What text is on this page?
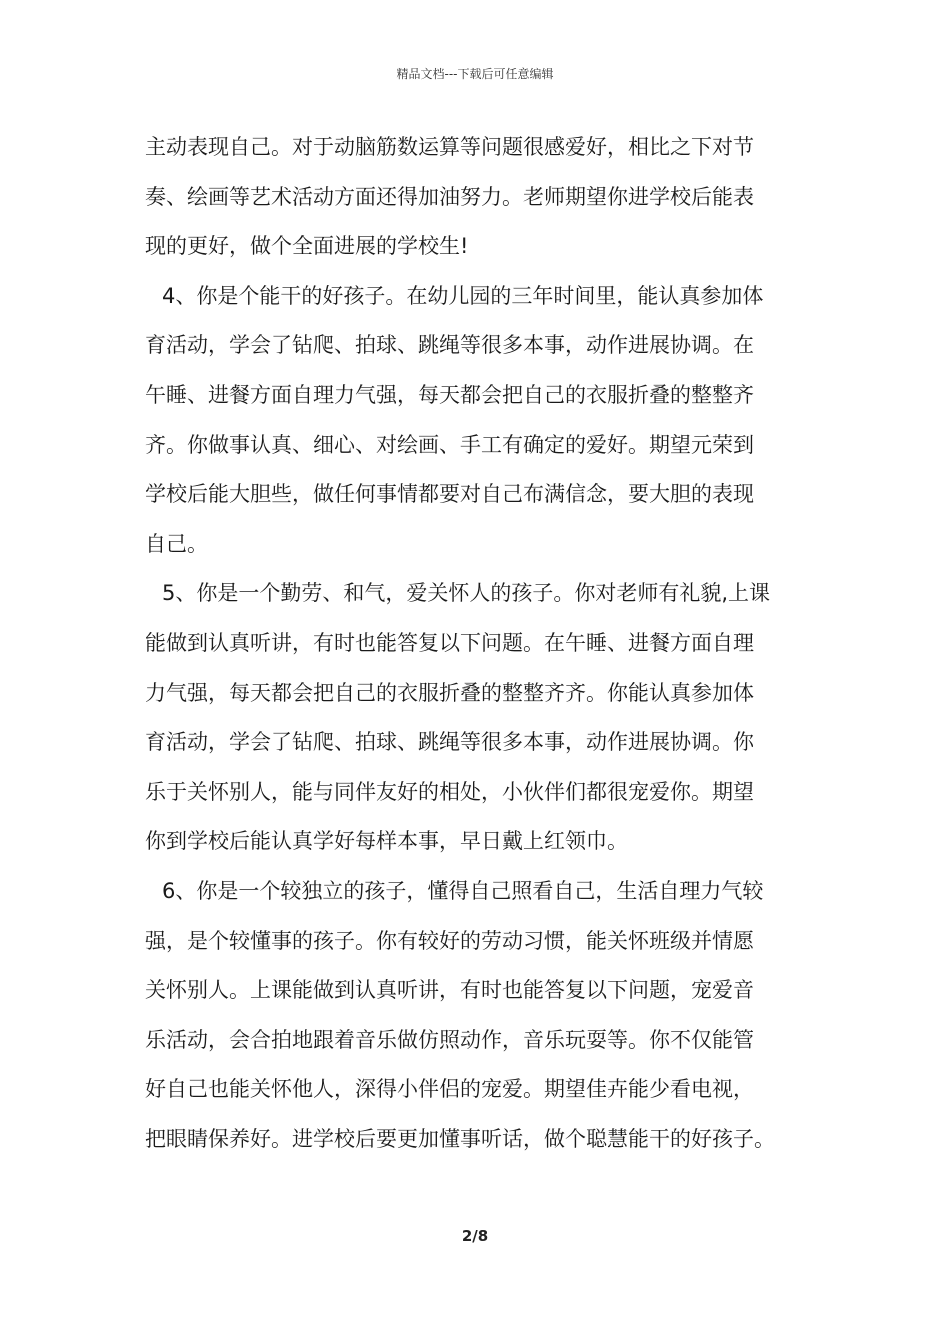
精品文档---下载后可任意编辑
主动表现自己。对于动脑筋数运算等问题很感爱好，相比之下对节
奏、绘画等艺术活动方面还得加油努力。老师期望你进学校后能表
现的更好，做个全面进展的学校生!
4、你是个能干的好孩子。在幼儿园的三年时间里，能认真参加体
育活动，学会了钻爬、拍球、跳绳等很多本事，动作进展协调。在
午睡、进餐方面自理力气强，每天都会把自己的衣服折叠的整整齐
齐。你做事认真、细心、对绘画、手工有确定的爱好。期望元荣到
学校后能大胆些，做任何事情都要对自己布满信念，要大胆的表现
自己。
5、你是一个勤劳、和气，爱关怀人的孩子。你对老师有礼貌,上课
能做到认真听讲，有时也能答复以下问题。在午睡、进餐方面自理
力气强，每天都会把自己的衣服折叠的整整齐齐。你能认真参加体
育活动，学会了钻爬、拍球、跳绳等很多本事，动作进展协调。你
乐于关怀别人，能与同伴友好的相处，小伙伴们都很宠爱你。期望
你到学校后能认真学好每样本事，早日戴上红领巾。
6、你是一个较独立的孩子，懂得自己照看自己，生活自理力气较
强，是个较懂事的孩子。你有较好的劳动习惯，能关怀班级并情愿
关怀别人。上课能做到认真听讲，有时也能答复以下问题，宠爱音
乐活动，会合拍地跟着音乐做仿照动作，音乐玩耍等。你不仅能管
好自己也能关怀他人，深得小伴侣的宠爱。期望佳卉能少看电视，
把眼睛保养好。进学校后要更加懂事听话，做个聪慧能干的好孩子。
2/8
